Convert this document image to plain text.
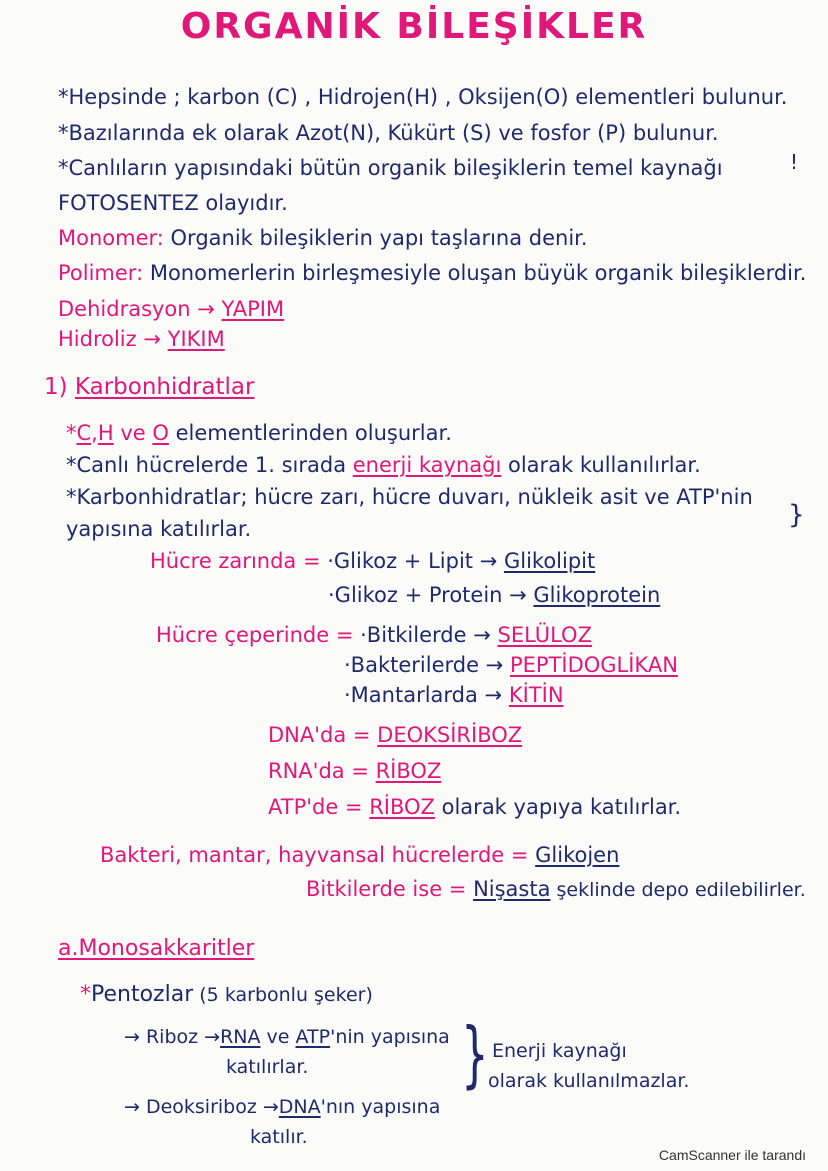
ORGANİK BİLEŞİKLER
*Hepsinde ; karbon (C) , Hidrojen(H) , Oksijen(O) elementleri bulunur.
*Bazılarında ek olarak Azot(N), Kükürt (S) ve fosfor (P) bulunur.
*Canlıların yapısındaki bütün organik bileşiklerin temel kaynağı
FOTOSENTEZ olayıdır.
Monomer: Organik bileşiklerin yapı taşlarına denir.
Polimer: Monomerlerin birleşmesiyle oluşan büyük organik bileşiklerdir.
Dehidrasyon → YAPIM
Hidroliz → YIKIM
1) Karbonhidratlar
*C,H ve O elementlerinden oluşurlar.
*Canlı hücrelerde 1. sırada enerji kaynağı olarak kullanılırlar.
*Karbonhidratlar; hücre zarı, hücre duvarı, nükleik asit ve ATP'nin
yapısına katılırlar.
Hücre zarında = ·Glikoz + Lipit → Glikolipit
·Glikoz + Protein → Glikoprotein
Hücre çeperinde = ·Bitkilerde → SELÜLOZ
·Bakterilerde → PEPTİDOGLİKAN
·Mantarlarda → KİTİN
DNA'da = DEOKSİRİBOZ
RNA'da = RİBOZ
ATP'de = RİBOZ olarak yapıya katılırlar.
Bakteri, mantar, hayvansal hücrelerde = Glikojen
Bitkilerde ise = Nişasta şeklinde depo edilebilirler.
a.Monosakkaritler
*Pentozlar (5 karbonlu şeker)
→ Riboz →RNA ve ATP'nin yapısına
katılırlar.
→ Deoksiriboz →DNA'nın yapısına
katılır.
} Enerji kaynağı
olarak kullanılmazlar.
!
}
CamScanner ile tarandı
